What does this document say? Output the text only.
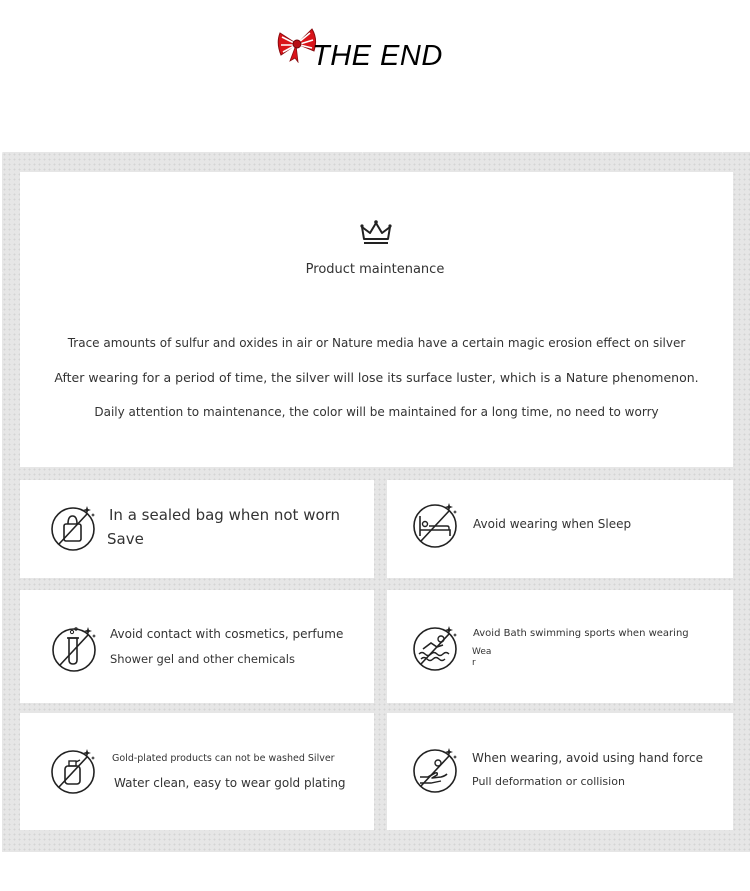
THE END
Product maintenance
Trace amounts of sulfur and oxides in air or Nature media have a certain magic erosion effect on silver
After wearing for a period of time, the silver will lose its surface luster, which is a Nature phenomenon.
Daily attention to maintenance, the color will be maintained for a long time, no need to worry
In a sealed bag when not worn
Save
Avoid wearing when Sleep
Avoid contact with cosmetics, perfume
Shower gel and other chemicals
Avoid Bath swimming sports when wearing
Wea
r
Gold-plated products can not be washed Silver
Water clean, easy to wear gold plating
When wearing, avoid using hand force
Pull deformation or collision
